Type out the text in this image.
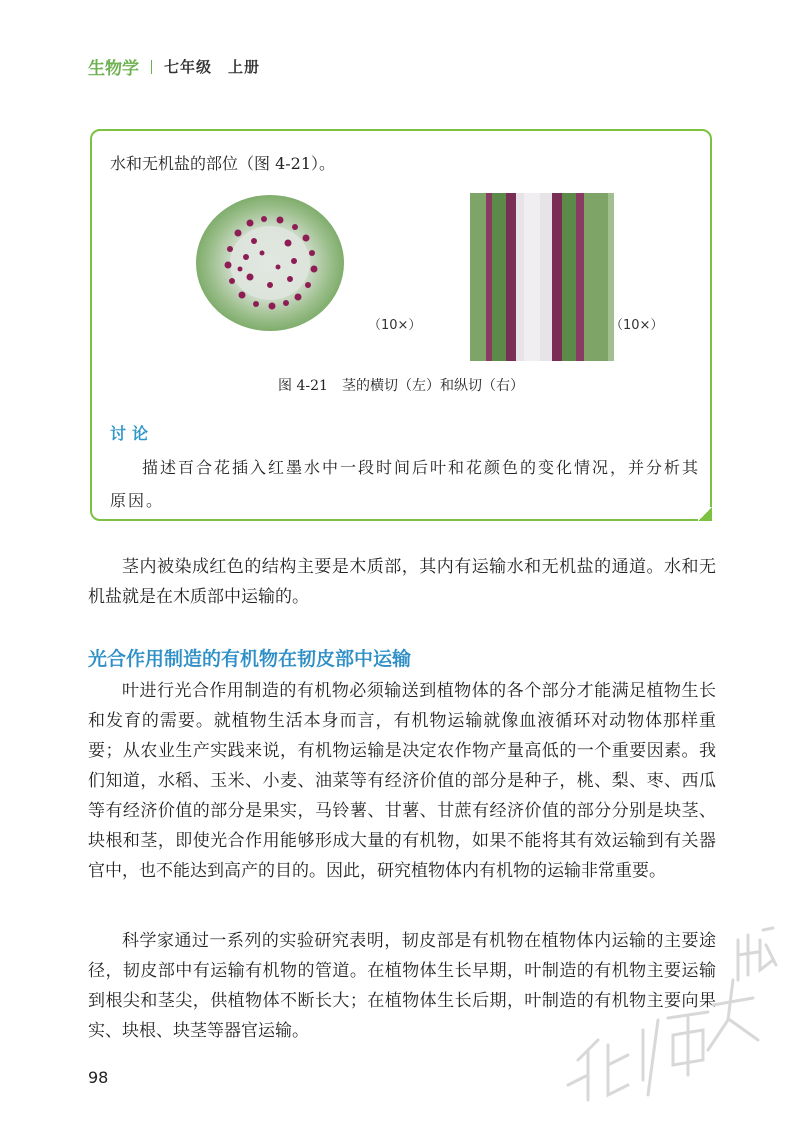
生物学 七年级　上册
水和无机盐的部位（图 4-21）。
（10×）	（10×）
图 4-21　茎的横切（左）和纵切（右）
讨论
描述百合花插入红墨水中一段时间后叶和花颜色的变化情况，并分析其原因。
茎内被染成红色的结构主要是木质部，其内有运输水和无机盐的通道。水和无机盐就是在木质部中运输的。
光合作用制造的有机物在韧皮部中运输
叶进行光合作用制造的有机物必须输送到植物体的各个部分才能满足植物生长和发育的需要。就植物生活本身而言，有机物运输就像血液循环对动物体那样重要；从农业生产实践来说，有机物运输是决定农作物产量高低的一个重要因素。我们知道，水稻、玉米、小麦、油菜等有经济价值的部分是种子，桃、梨、枣、西瓜等有经济价值的部分是果实，马铃薯、甘薯、甘蔗有经济价值的部分分别是块茎、块根和茎，即使光合作用能够形成大量的有机物，如果不能将其有效运输到有关器官中，也不能达到高产的目的。因此，研究植物体内有机物的运输非常重要。
科学家通过一系列的实验研究表明，韧皮部是有机物在植物体内运输的主要途径，韧皮部中有运输有机物的管道。在植物体生长早期，叶制造的有机物主要运输到根尖和茎尖，供植物体不断长大；在植物体生长后期，叶制造的有机物主要向果实、块根、块茎等器官运输。
98
